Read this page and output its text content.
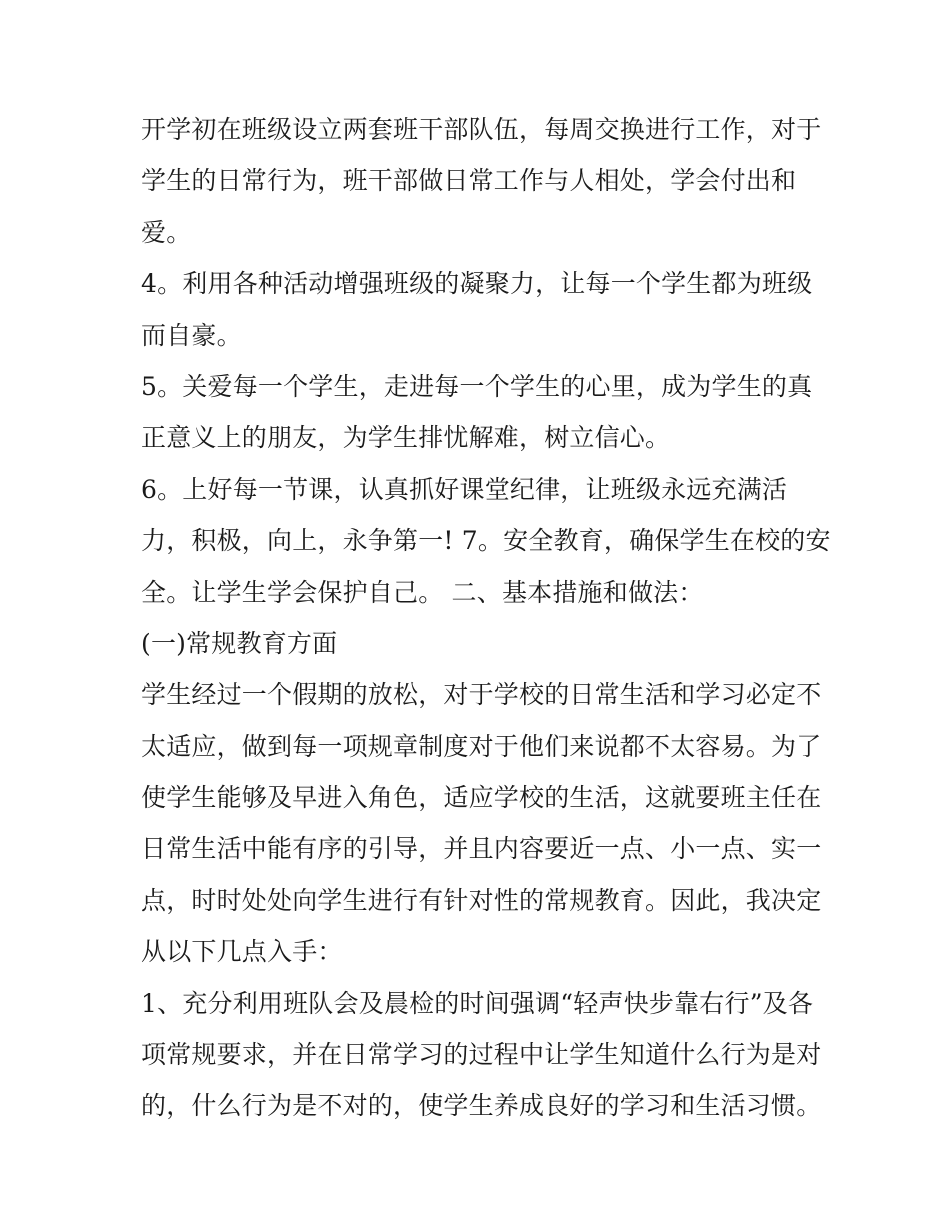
开学初在班级设立两套班干部队伍，每周交换进行工作，对于
学生的日常行为，班干部做日常工作与人相处，学会付出和
爱。
4。利用各种活动增强班级的凝聚力，让每一个学生都为班级
而自豪。
5。关爱每一个学生，走进每一个学生的心里，成为学生的真
正意义上的朋友，为学生排忧解难，树立信心。
6。上好每一节课，认真抓好课堂纪律，让班级永远充满活
力，积极，向上，永争第一! 7。安全教育，确保学生在校的安
全。让学生学会保护自己。 二、基本措施和做法：
(一)常规教育方面
学生经过一个假期的放松，对于学校的日常生活和学习必定不
太适应，做到每一项规章制度对于他们来说都不太容易。为了
使学生能够及早进入角色，适应学校的生活，这就要班主任在
日常生活中能有序的引导，并且内容要近一点、小一点、实一
点，时时处处向学生进行有针对性的常规教育。因此，我决定
从以下几点入手：
1、充分利用班队会及晨检的时间强调“轻声快步靠右行”及各
项常规要求，并在日常学习的过程中让学生知道什么行为是对
的，什么行为是不对的，使学生养成良好的学习和生活习惯。
